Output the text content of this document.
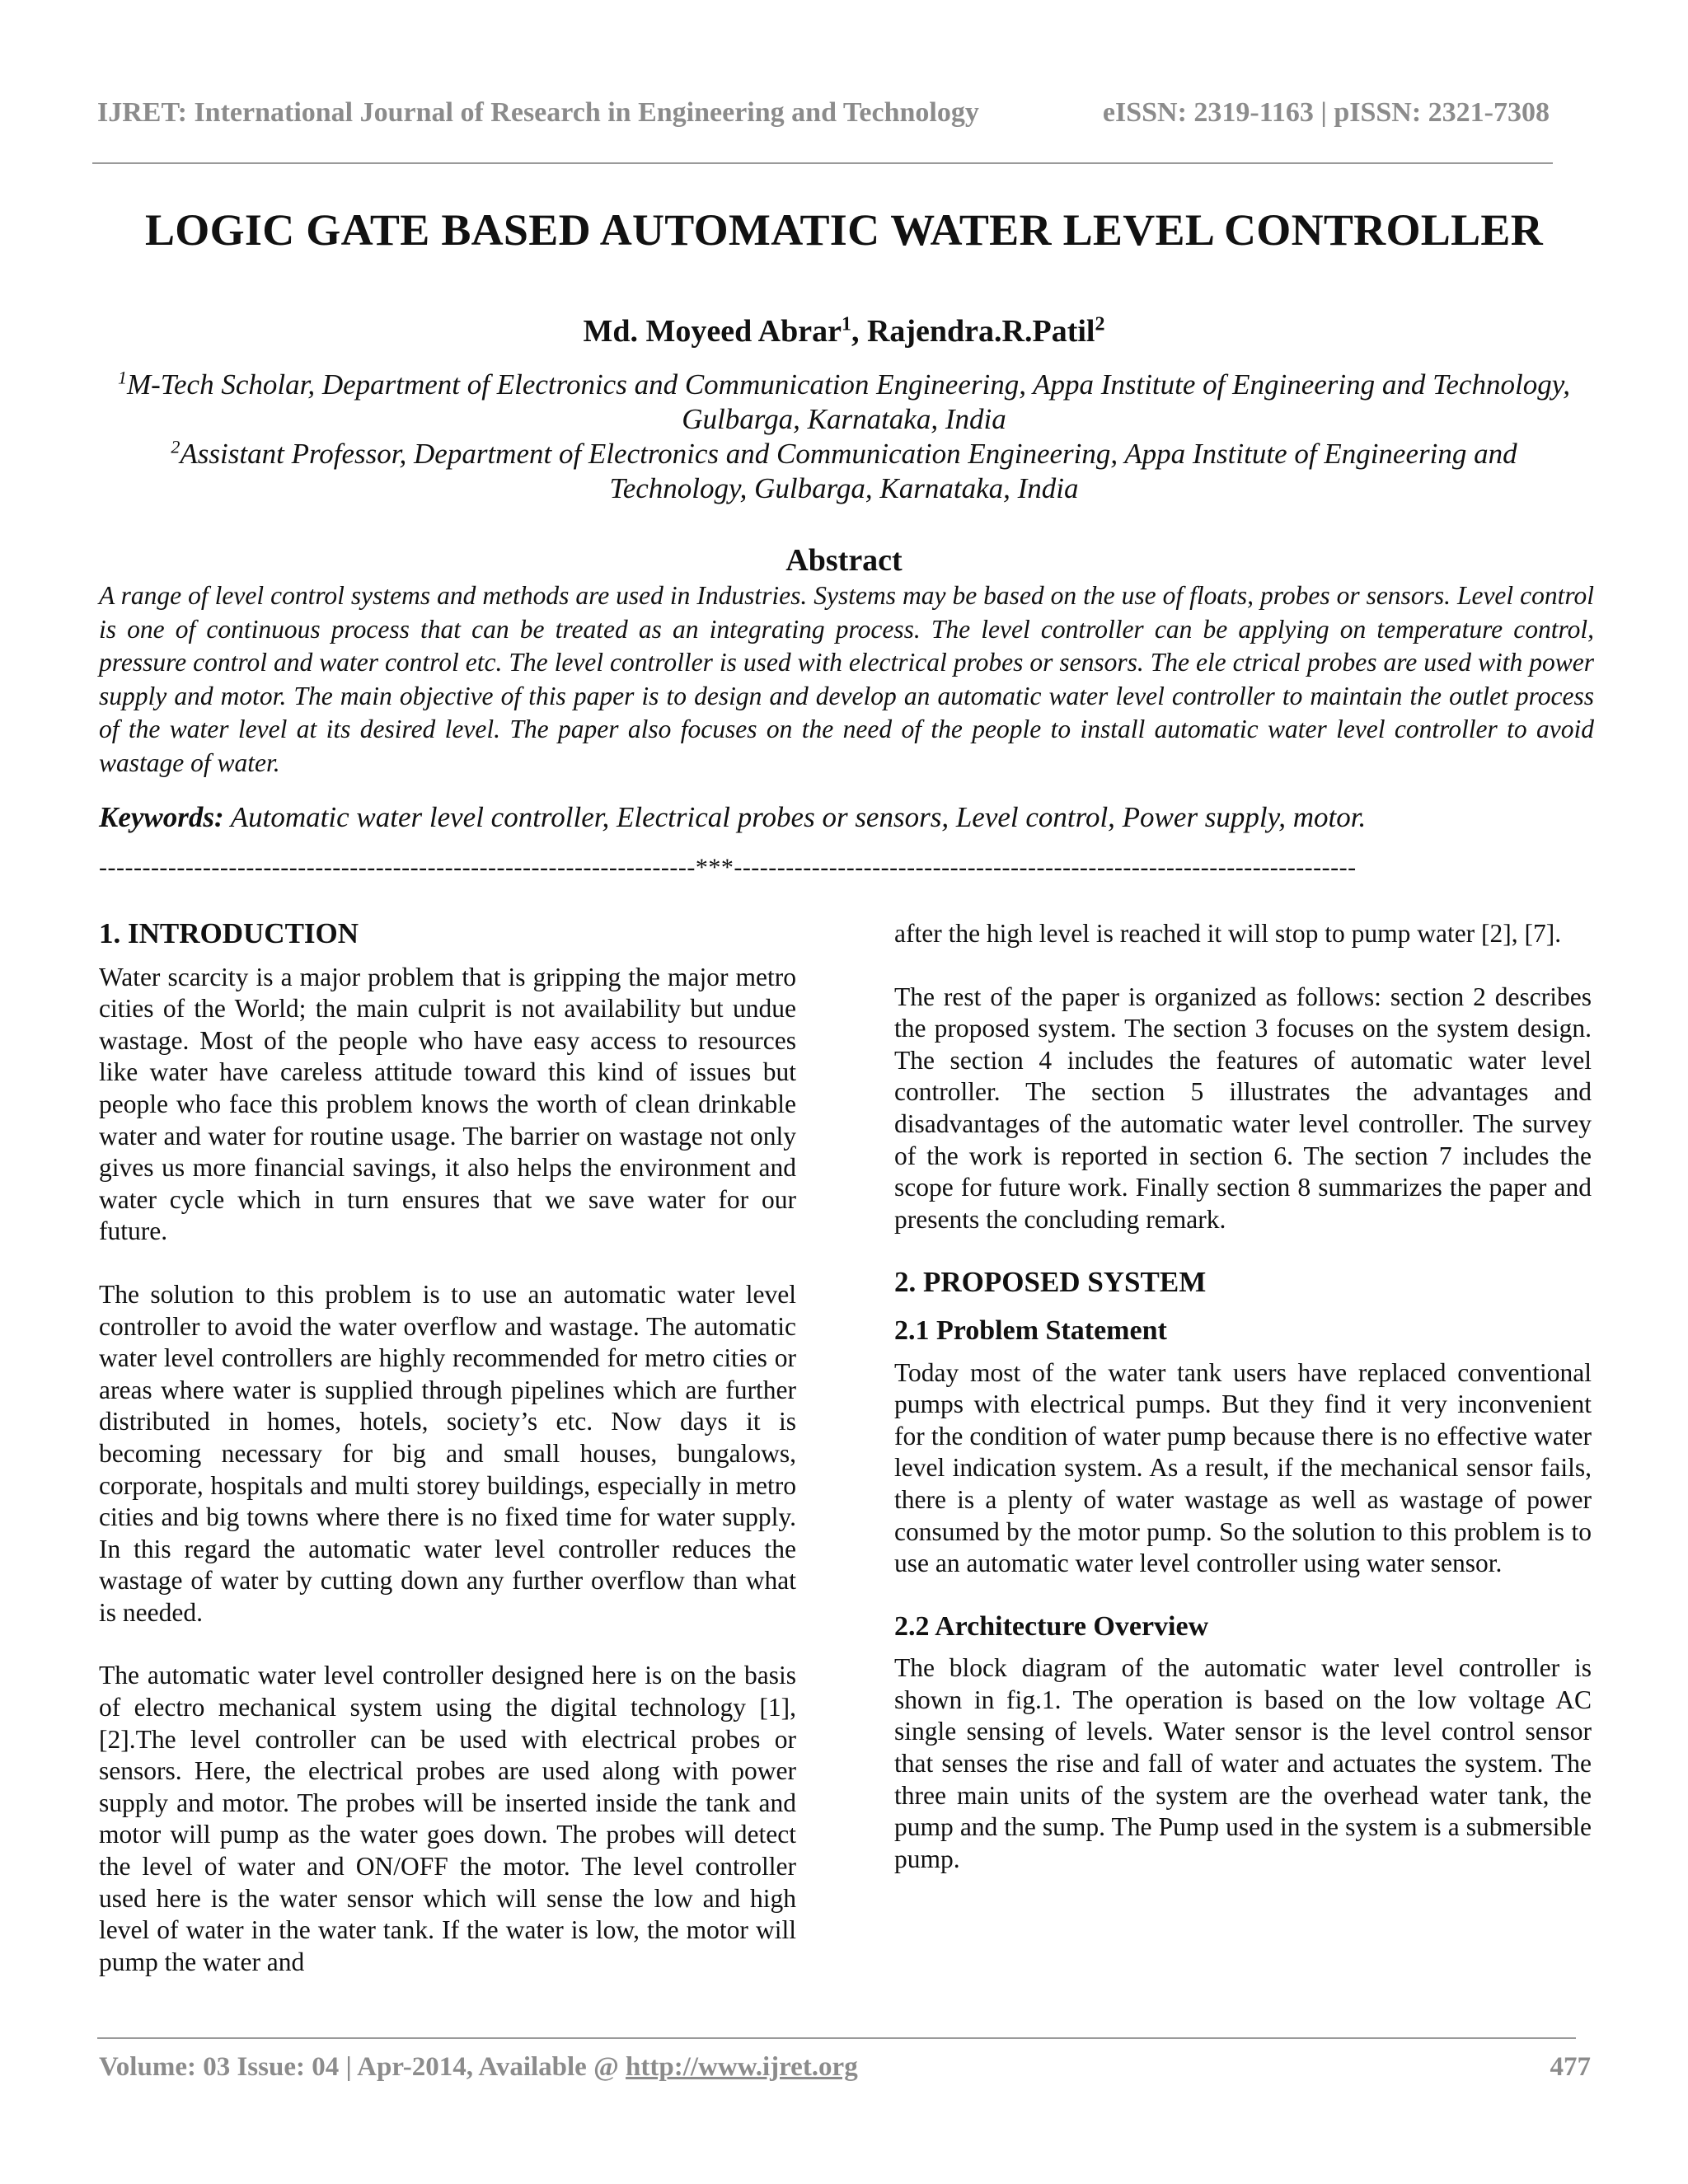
IJRET: International Journal of Research in Engineering and Technology	eISSN: 2319-1163 | pISSN: 2321-7308
LOGIC GATE BASED AUTOMATIC WATER LEVEL CONTROLLER
Md. Moyeed Abrar$^1$, Rajendra.R.Patil$^2$
$^1$M-Tech Scholar, Department of Electronics and Communication Engineering, Appa Institute of Engineering and Technology, Gulbarga, Karnataka, India
$^2$Assistant Professor, Department of Electronics and Communication Engineering, Appa Institute of Engineering and Technology, Gulbarga, Karnataka, India
Abstract
A range of level control systems and methods are used in Industries. Systems may be based on the use of floats, probes or sensors. Level control is one of continuous process that can be treated as an integrating process. The level controller can be applying on temperature control, pressure control and water control etc. The level controller is used with electrical probes or sensors. The ele ctrical probes are used with power supply and motor. The main objective of this paper is to design and develop an automatic water level controller to maintain the outlet process of the water level at its desired level. The paper also focuses on the need of the people to install automatic water level controller to avoid wastage of water.
Keywords: Automatic water level controller, Electrical probes or sensors, Level control, Power supply, motor.
---------------------------------------------------------------------***------------------------------------------------------------------------
1. INTRODUCTION

Water scarcity is a major problem that is gripping the major metro cities of the World; the main culprit is not availability but undue wastage. Most of the people who have easy access to resources like water have careless attitude toward this kind of issues but people who face this problem knows the worth of clean drinkable water and water for routine usage. The barrier on wastage not only gives us more financial savings, it also helps the environment and water cycle which in turn ensures that we save water for our future.

The solution to this problem is to use an automatic water level controller to avoid the water overflow and wastage. The automatic water level controllers are highly recommended for metro cities or areas where water is supplied through pipelines which are further distributed in homes, hotels, society’s etc. Now days it is becoming necessary for big and small houses, bungalows, corporate, hospitals and multi storey buildings, especially in metro cities and big towns where there is no fixed time for water supply. In this regard the automatic water level controller reduces the wastage of water by cutting down any further overflow than what is needed.

The automatic water level controller designed here is on the basis of electro mechanical system using the digital technology [1], [2].The level controller can be used with electrical probes or sensors. Here, the electrical probes are used along with power supply and motor. The probes will be inserted inside the tank and motor will pump as the water goes down. The probes will detect the level of water and ON/OFF the motor. The level controller used here is the water sensor which will sense the low and high level of water in the water tank. If the water is low, the motor will pump the water and

after the high level is reached it will stop to pump water [2], [7].

The rest of the paper is organized as follows: section 2 describes the proposed system. The section 3 focuses on the system design. The section 4 includes the features of automatic water level controller. The section 5 illustrates the advantages and disadvantages of the automatic water level controller. The survey of the work is reported in section 6. The section 7 includes the scope for future work. Finally section 8 summarizes the paper and presents the concluding remark.

2. PROPOSED SYSTEM
2.1 Problem Statement

Today most of the water tank users have replaced conventional pumps with electrical pumps. But they find it very inconvenient for the condition of water pump because there is no effective water level indication system. As a result, if the mechanical sensor fails, there is a plenty of water wastage as well as wastage of power consumed by the motor pump. So the solution to this problem is to use an automatic water level controller using water sensor.

2.2 Architecture Overview

The block diagram of the automatic water level controller is shown in fig.1. The operation is based on the low voltage AC single sensing of levels. Water sensor is the level control sensor that senses the rise and fall of water and actuates the system. The three main units of the system are the overhead water tank, the pump and the sump. The Pump used in the system is a submersible pump.

Volume: 03 Issue: 04 | Apr-2014, Available @ http://www.ijret.org	477
